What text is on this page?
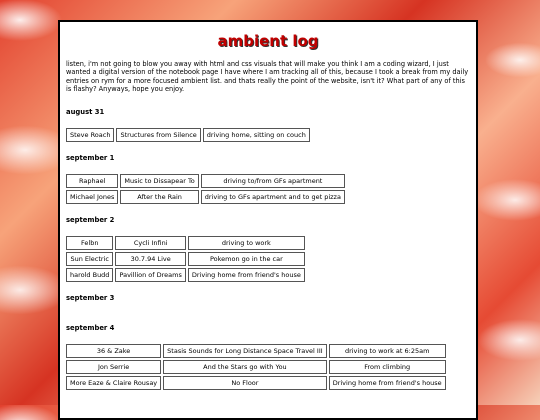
ambient log

listen, i'm not going to blow you away with html and css visuals that will make you think I am a coding wizard, I just wanted a digital version of the notebook page I have where I am tracking all of this, because I took a break from my daily entries on rym for a more focused ambient list. and thats really the point of the website, isn't it? What part of any of this is flashy? Anyways, hope you enjoy.

august 31
Steve Roach	Structures from Silence	driving home, sitting on couch
september 1
Raphael	Music to Dissapear To	driving to/from GFs apartment
Michael Jones	After the Rain	driving to GFs apartment and to get pizza
september 2
Felbn	Cycli Infini	driving to work
Sun Electric	30.7.94 Live	Pokemon go in the car
harold Budd	Pavillion of Dreams	Driving home from friend's house
september 3
september 4
36 & Zake	Stasis Sounds for Long Distance Space Travel III	driving to work at 6:25am
Jon Serrie	And the Stars go with You	From climbing
More Eaze & Claire Rousay	No Floor	Driving home from friend's house
